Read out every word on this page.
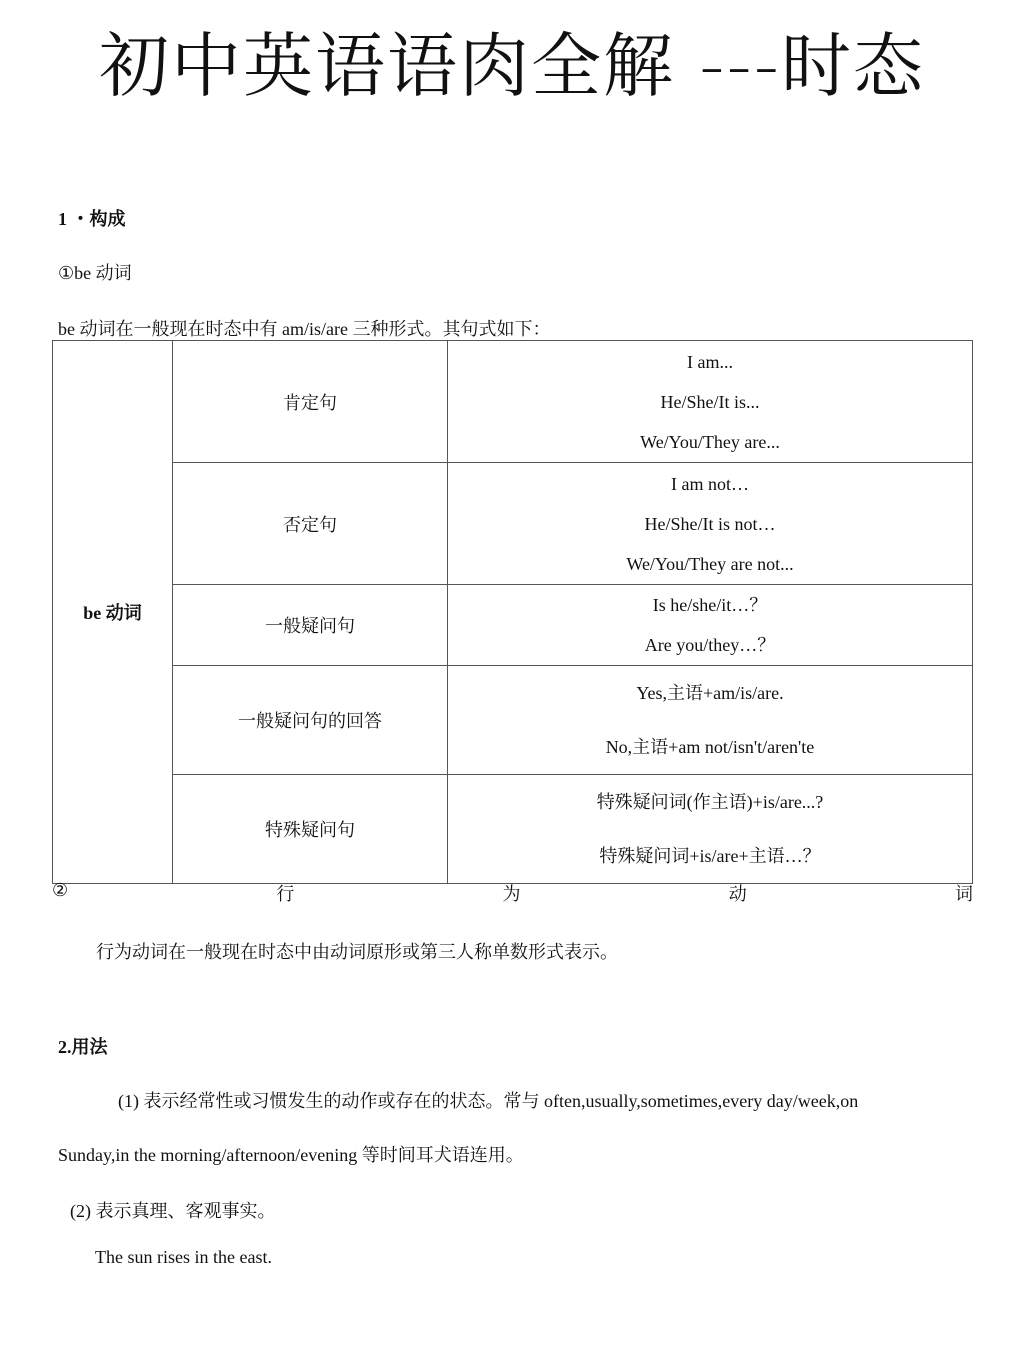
初中英语语肉全解 ---时态
1 ・构成
①be 动词
be 动词在一般现在时态中有 am/is/are 三种形式。其句式如下：
be 动词	肯定句	I am...
He/She/It is...
We/You/They are...

	否定句	I am not…
He/She/It is not…
We/You/They are not...

	一般疑问句	Is he/she/it…？
Are you/they…？

	一般疑问句的回答	Yes,主语+am/is/are.
No,主语+am not/isn't/aren'te

	特殊疑问句	特殊疑问词(作主语)+is/are...?
特殊疑问词+is/are+主语…？
②	行	为	动	词
行为动词在一般现在时态中由动词原形或第三人称单数形式表示。
2.用法
(1) 表示经常性或习惯发生的动作或存在的状态。常与 often,usually,sometimes,every day/week,on
Sunday,in the morning/afternoon/evening 等时间耳犬语连用。
(2) 表示真理、客观事实。
The sun rises in the east.
